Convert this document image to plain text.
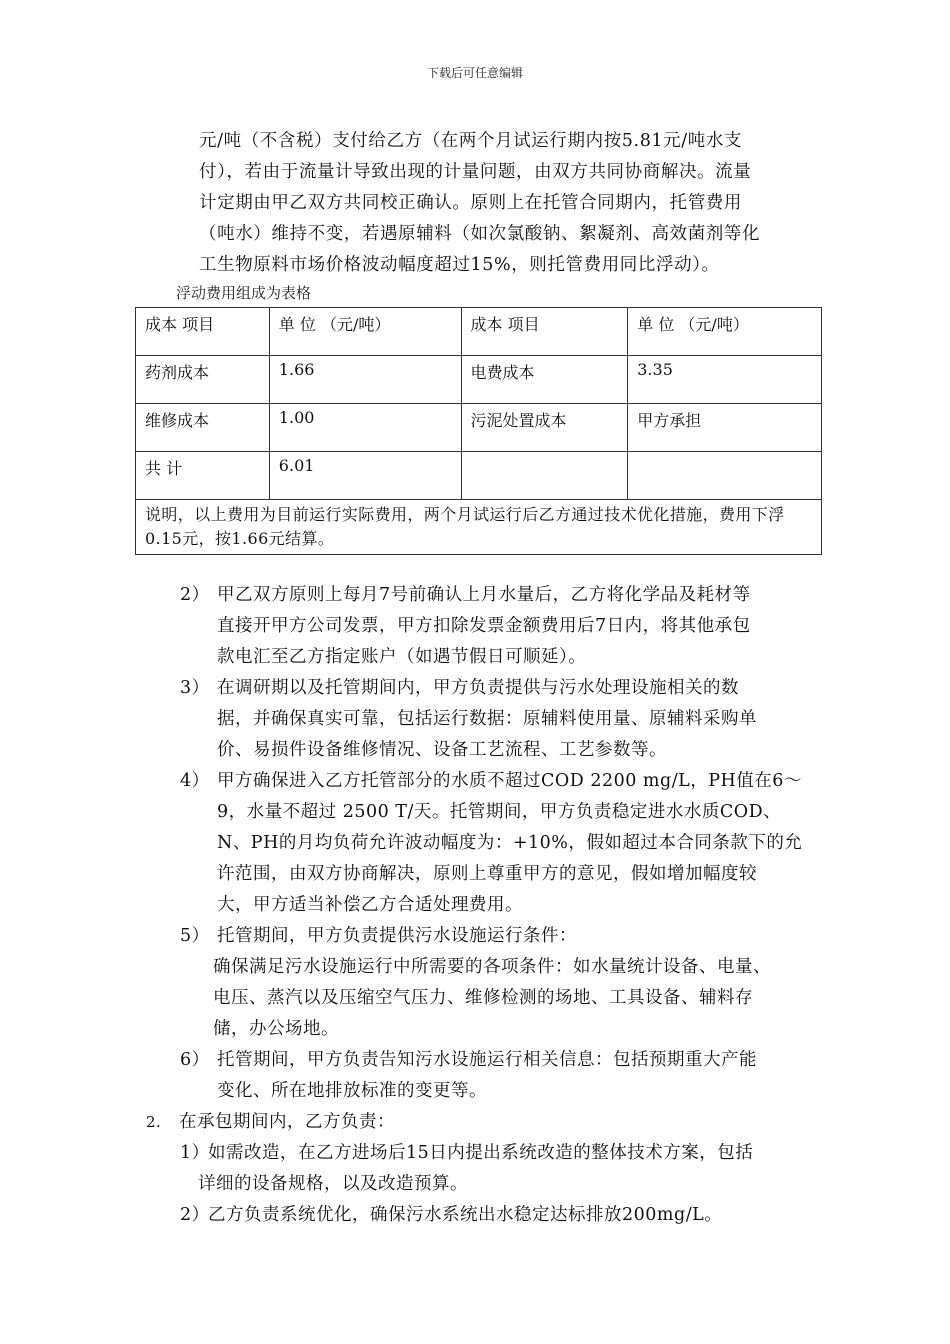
下载后可任意编辑
元/吨（不含税）支付给乙方（在两个月试运行期内按5.81元/吨水支
付），若由于流量计导致出现的计量问题，由双方共同协商解决。流量
计定期由甲乙双方共同校正确认。原则上在托管合同期内，托管费用
（吨水）维持不变，若遇原辅料（如次氯酸钠、絮凝剂、高效菌剂等化
工生物原料市场价格波动幅度超过15%，则托管费用同比浮动）。
浮动费用组成为表格
成本 项目	单 位 （元/吨）	成本 项目	单 位 （元/吨）
药剂成本	1.66	电费成本	3.35
维修成本	1.00	污泥处置成本	甲方承担
共 计	6.01		
说明，以上费用为目前运行实际费用，两个月试运行后乙方通过技术优化措施，费用下浮0.15元，按1.66元结算。			
2） 甲乙双方原则上每月7号前确认上月水量后，乙方将化学品及耗材等
直接开甲方公司发票，甲方扣除发票金额费用后7日内，将其他承包
款电汇至乙方指定账户（如遇节假日可顺延）。
3） 在调研期以及托管期间内，甲方负责提供与污水处理设施相关的数
据，并确保真实可靠，包括运行数据：原辅料使用量、原辅料采购单
价、易损件设备维修情况、设备工艺流程、工艺参数等。
4） 甲方确保进入乙方托管部分的水质不超过COD 2200 mg/L，PH值在6～
9，水量不超过 2500 T/天。托管期间，甲方负责稳定进水水质COD、
N、PH的月均负荷允许波动幅度为：+10%，假如超过本合同条款下的允
许范围，由双方协商解决，原则上尊重甲方的意见，假如增加幅度较
大，甲方适当补偿乙方合适处理费用。
5） 托管期间，甲方负责提供污水设施运行条件：
确保满足污水设施运行中所需要的各项条件：如水量统计设备、电量、
电压、蒸汽以及压缩空气压力、维修检测的场地、工具设备、辅料存
储，办公场地。
6） 托管期间，甲方负责告知污水设施运行相关信息：包括预期重大产能
变化、所在地排放标准的变更等。
2. 在承包期间内，乙方负责：
1）
如需改造，在乙方进场后15日内提出系统改造的整体技术方案，包括
详细的设备规格，以及改造预算。
2）
乙方负责系统优化，确保污水系统出水稳定达标排放200mg/L。
